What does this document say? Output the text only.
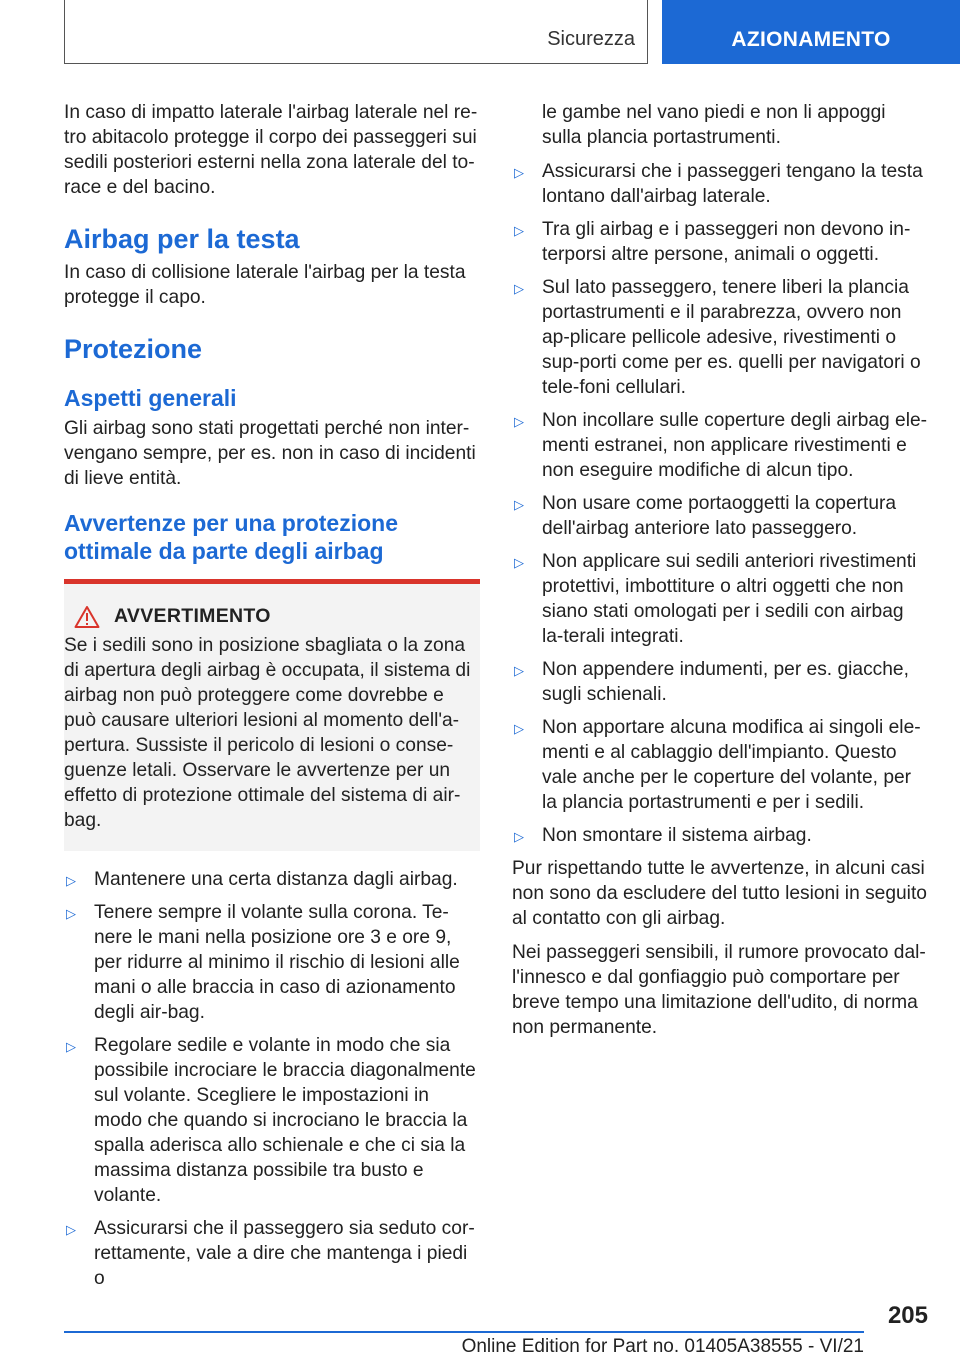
Sicurezza	AZIONAMENTO

In caso di impatto laterale l'airbag laterale nel re-tro abitacolo protegge il corpo dei passeggeri sui sedili posteriori esterni nella zona laterale del to-race e del bacino.

Airbag per la testa

In caso di collisione laterale l'airbag per la testa protegge il capo.

Protezione
Aspetti generali

Gli airbag sono stati progettati perché non inter-vengano sempre, per es. non in caso di incidenti di lieve entità.

Avvertenze per una protezione ottimale da parte degli airbag
AVVERTIMENTO

Se i sedili sono in posizione sbagliata o la zona di apertura degli airbag è occupata, il sistema di airbag non può proteggere come dovrebbe e può causare ulteriori lesioni al momento dell'a-pertura. Sussiste il pericolo di lesioni o conse-guenze letali. Osservare le avvertenze per un effetto di protezione ottimale del sistema di air-bag.

▷ Mantenere una certa distanza dagli airbag.
▷ Tenere sempre il volante sulla corona. Te-nere le mani nella posizione ore 3 e ore 9, per ridurre al minimo il rischio di lesioni alle mani o alle braccia in caso di azionamento degli air-bag.
▷ Regolare sedile e volante in modo che sia possibile incrociare le braccia diagonalmente sul volante. Scegliere le impostazioni in modo che quando si incrociano le braccia la spalla aderisca allo schienale e che ci sia la massima distanza possibile tra busto e volante.
▷ Assicurarsi che il passeggero sia seduto cor-rettamente, vale a dire che mantenga i piedi o

le gambe nel vano piedi e non li appoggi sulla plancia portastrumenti.

▷ Assicurarsi che i passeggeri tengano la testa lontano dall'airbag laterale.
▷ Tra gli airbag e i passeggeri non devono in-terporsi altre persone, animali o oggetti.
▷ Sul lato passeggero, tenere liberi la plancia portastrumenti e il parabrezza, ovvero non ap-plicare pellicole adesive, rivestimenti o sup-porti come per es. quelli per navigatori o tele-foni cellulari.
▷ Non incollare sulle coperture degli airbag ele-menti estranei, non applicare rivestimenti e non eseguire modifiche di alcun tipo.
▷ Non usare come portaoggetti la copertura dell'airbag anteriore lato passeggero.
▷ Non applicare sui sedili anteriori rivestimenti protettivi, imbottiture o altri oggetti che non siano stati omologati per i sedili con airbag la-terali integrati.
▷ Non appendere indumenti, per es. giacche, sugli schienali.
▷ Non apportare alcuna modifica ai singoli ele-menti e al cablaggio dell'impianto. Questo vale anche per le coperture del volante, per la plancia portastrumenti e per i sedili.
▷ Non smontare il sistema airbag.

Pur rispettando tutte le avvertenze, in alcuni casi non sono da escludere del tutto lesioni in seguito al contatto con gli airbag.

Nei passeggeri sensibili, il rumore provocato dal-l'innesco e dal gonfiaggio può comportare per breve tempo una limitazione dell'udito, di norma non permanente.

205
Online Edition for Part no. 01405A38555 - VI/21
